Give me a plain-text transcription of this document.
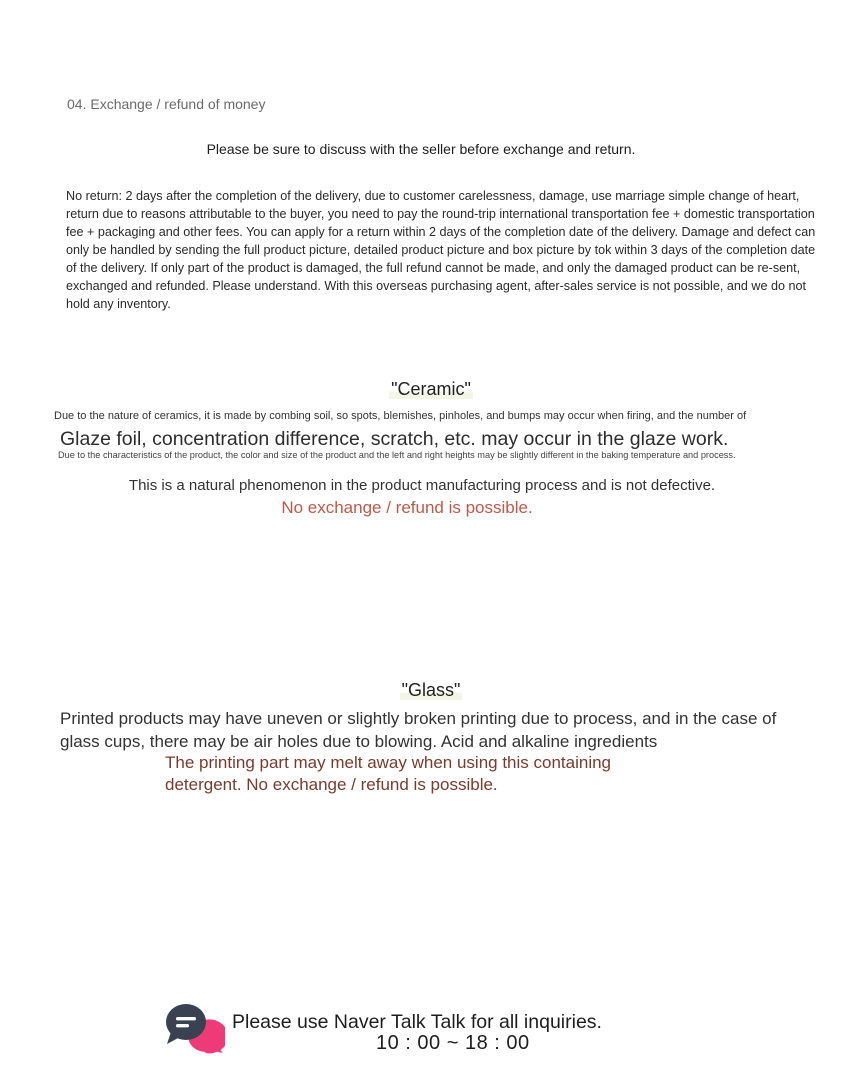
04. Exchange / refund of money
Please be sure to discuss with the seller before exchange and return.

No return: 2 days after the completion of the delivery, due to customer carelessness, damage, use marriage simple change of heart, return due to reasons attributable to the buyer, you need to pay the round-trip international transportation fee + domestic transportation fee + packaging and other fees. You can apply for a return within 2 days of the completion date of the delivery. Damage and defect can only be handled by sending the full product picture, detailed product picture and box picture by tok within 3 days of the completion date of the delivery. If only part of the product is damaged, the full refund cannot be made, and only the damaged product can be re-sent, exchanged and refunded. Please understand. With this overseas purchasing agent, after-sales service is not possible, and we do not hold any inventory.

"Ceramic"
Due to the nature of ceramics, it is made by combing soil, so spots, blemishes, pinholes, and bumps may occur when firing, and the number of
Glaze foil, concentration difference, scratch, etc. may occur in the glaze work.
Due to the characteristics of the product, the color and size of the product and the left and right heights may be slightly different in the baking temperature and process.
This is a natural phenomenon in the product manufacturing process and is not defective.
No exchange / refund is possible.
"Glass"

Printed products may have uneven or slightly broken printing due to process, and in the case of glass cups, there may be air holes due to blowing. Acid and alkaline ingredients

The printing part may melt away when using this containing detergent. No exchange / refund is possible.

Please use Naver Talk Talk for all inquiries.
10 : 00 ~ 18 : 00
